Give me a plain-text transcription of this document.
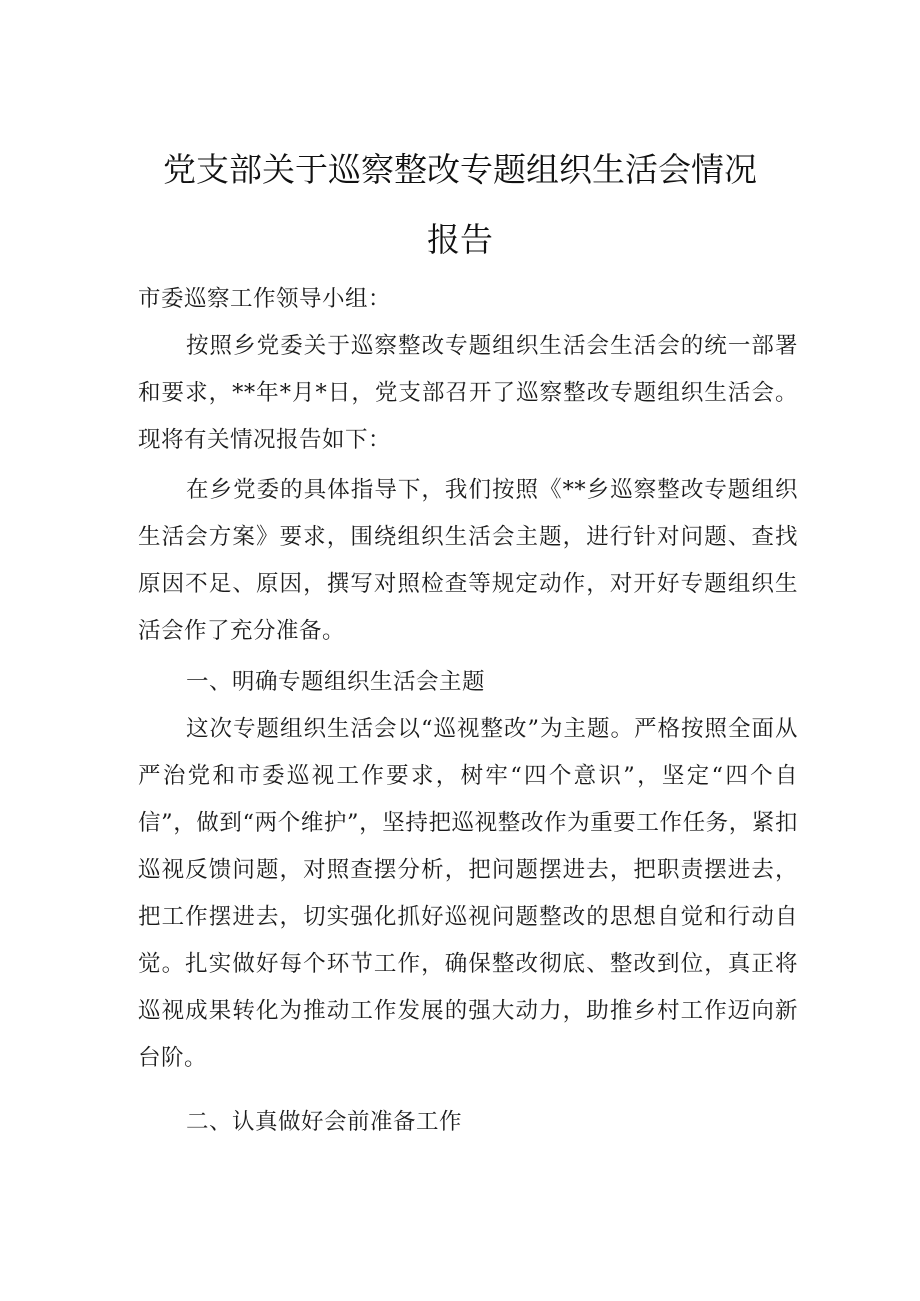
党支部关于巡察整改专题组织生活会情况
报告

市委巡察工作领导小组：

按照乡党委关于巡察整改专题组织生活会生活会的统一部署和要求，**年*月*日，党支部召开了巡察整改专题组织生活会。现将有关情况报告如下：

在乡党委的具体指导下，我们按照《**乡巡察整改专题组织生活会方案》要求，围绕组织生活会主题，进行针对问题、查找原因不足、原因，撰写对照检查等规定动作，对开好专题组织生活会作了充分准备。

一、明确专题组织生活会主题

这次专题组织生活会以“巡视整改”为主题。严格按照全面从严治党和市委巡视工作要求，树牢“四个意识”，坚定“四个自信”，做到“两个维护”，坚持把巡视整改作为重要工作任务，紧扣巡视反馈问题，对照查摆分析，把问题摆进去，把职责摆进去，把工作摆进去，切实强化抓好巡视问题整改的思想自觉和行动自觉。扎实做好每个环节工作，确保整改彻底、整改到位，真正将巡视成果转化为推动工作发展的强大动力，助推乡村工作迈向新台阶。

二、认真做好会前准备工作
